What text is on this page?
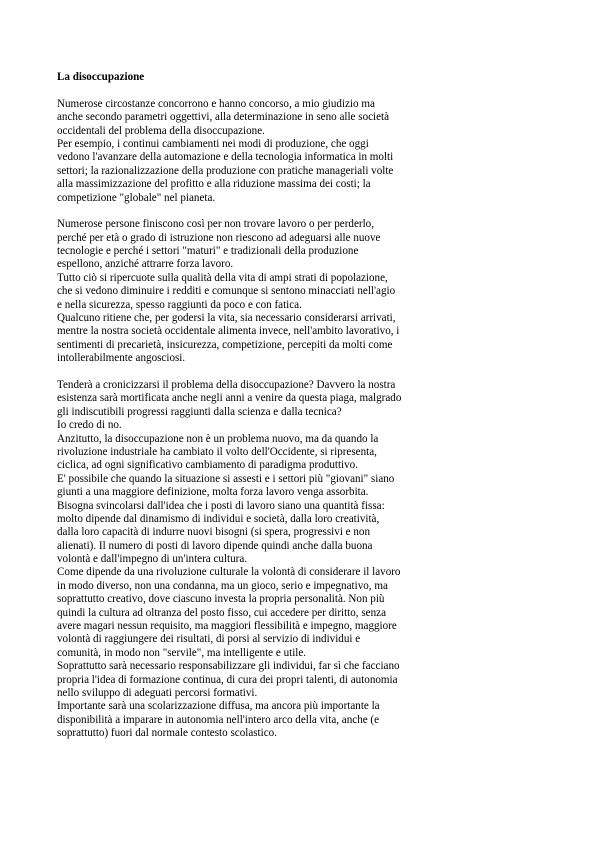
La disoccupazione
Numerose circostanze concorrono e hanno concorso, a mio giudizio ma
anche secondo parametri oggettivi, alla determinazione in seno alle società
occidentali del problema della disoccupazione.
Per esempio, i continui cambiamenti nei modi di produzione, che oggi
vedono l'avanzare della automazione e della tecnologia informatica in molti
settori; la razionalizzazione della produzione con pratiche manageriali volte
alla massimizzazione del profitto e alla riduzione massima dei costi; la
competizione "globale" nel pianeta.
Numerose persone finiscono così per non trovare lavoro o per perderlo,
perché per età o grado di istruzione non riescono ad adeguarsi alle nuove
tecnologie e perché i settori "maturi" e tradizionali della produzione
espellono, anziché attrarre forza lavoro.
Tutto ciò si ripercuote sulla qualità della vita di ampi strati di popolazione,
che si vedono diminuire i redditi e comunque si sentono minacciati nell'agio
e nella sicurezza, spesso raggiunti da poco e con fatica.
Qualcuno ritiene che, per godersi la vita, sia necessario considerarsi arrivati,
mentre la nostra società occidentale alimenta invece, nell'ambito lavorativo, i
sentimenti di precarietà, insicurezza, competizione, percepiti da molti come
intollerabilmente angosciosi.
Tenderà a cronicizzarsi il problema della disoccupazione? Davvero la nostra
esistenza sarà mortificata anche negli anni a venire da questa piaga, malgrado
gli indiscutibili progressi raggiunti dalla scienza e dalla tecnica?
Io credo di no.
Anzitutto, la disoccupazione non è un problema nuovo, ma da quando la
rivoluzione industriale ha cambiato il volto dell'Occidente, si ripresenta,
ciclica, ad ogni significativo cambiamento di paradigma produttivo.
E' possibile che quando la situazione si assesti e i settori più "giovani" siano
giunti a una maggiore definizione, molta forza lavoro venga assorbita.
Bisogna svincolarsi dall'idea che i posti di lavoro siano una quantità fissa:
molto dipende dal dinamismo di individui e società, dalla loro creatività,
dalla loro capacità di indurre nuovi bisogni (si spera, progressivi e non
alienati). Il numero di posti di lavoro dipende quindi anche dalla buona
volontà e dall'impegno di un'intera cultura.
Come dipende da una rivoluzione culturale la volontà di considerare il lavoro
in modo diverso, non una condanna, ma un gioco, serio e impegnativo, ma
soprattutto creativo, dove ciascuno investa la propria personalità. Non più
quindi la cultura ad oltranza del posto fisso, cui accedere per diritto, senza
avere magari nessun requisito, ma maggiori flessibilità e impegno, maggiore
volontà di raggiungere dei risultati, di porsi al servizio di individui e
comunità, in modo non "servile", ma intelligente e utile.
Soprattutto sarà necessario responsabilizzare gli individui, far sì che facciano
propria l'idea di formazione continua, di cura dei propri talenti, di autonomia
nello sviluppo di adeguati percorsi formativi.
Importante sarà una scolarizzazione diffusa, ma ancora più importante la
disponibilità a imparare in autonomia nell'intero arco della vita, anche (e
soprattutto) fuori dal normale contesto scolastico.
